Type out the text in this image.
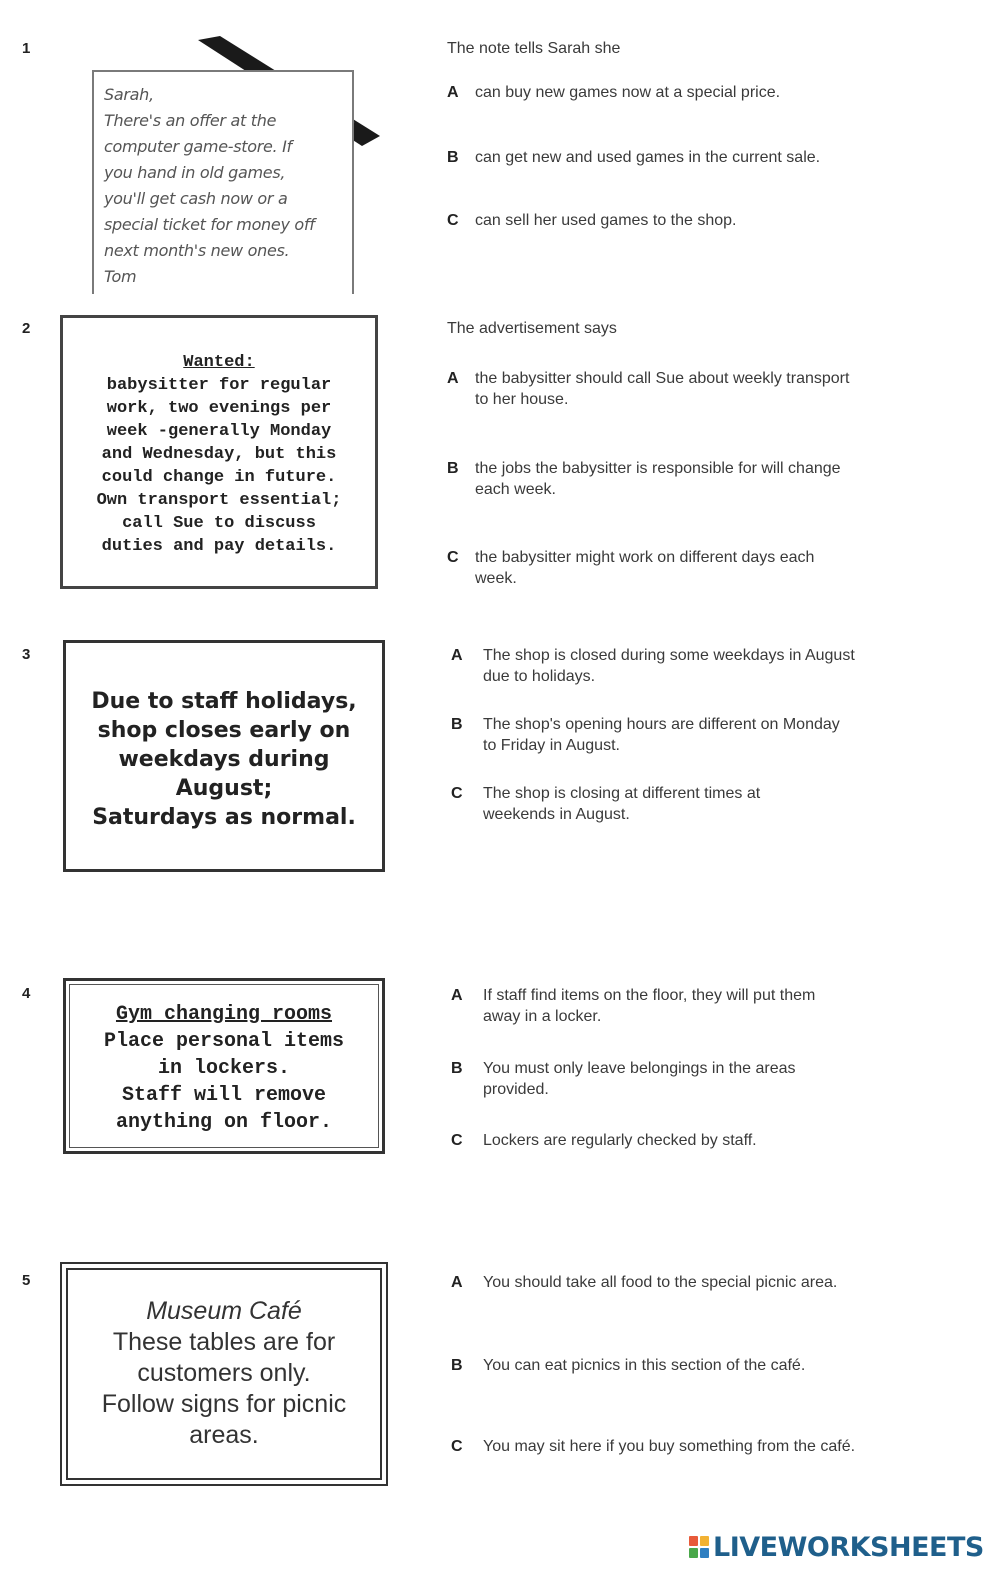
1
Sarah,
There's an offer at the
computer game-store. If
you hand in old games,
you'll get cash now or a
special ticket for money off
next month's new ones.
Tom
The note tells Sarah she
A can buy new games now at a special price.
B can get new and used games in the current sale.
C can sell her used games to the shop.
2
Wanted:
babysitter for regular
work, two evenings per
week -generally Monday
and Wednesday, but this
could change in future.
Own transport essential;
call Sue to discuss
duties and pay details.
The advertisement says
A the babysitter should call Sue about weekly transport to her house.
B the jobs the babysitter is responsible for will change each week.
C the babysitter might work on different days each week.
3
Due to staff holidays,
shop closes early on
weekdays during
August;
Saturdays as normal.
A The shop is closed during some weekdays in August due to holidays.
B The shop's opening hours are different on Monday to Friday in August.
C The shop is closing at different times at weekends in August.
4
Gym changing rooms
Place personal items
in lockers.
Staff will remove
anything on floor.
A If staff find items on the floor, they will put them away in a locker.
B You must only leave belongings in the areas provided.
C Lockers are regularly checked by staff.
5
Museum Café
These tables are for
customers only.
Follow signs for picnic
areas.
A You should take all food to the special picnic area.
B You can eat picnics in this section of the café.
C You may sit here if you buy something from the café.
LIVEWORKSHEETS
